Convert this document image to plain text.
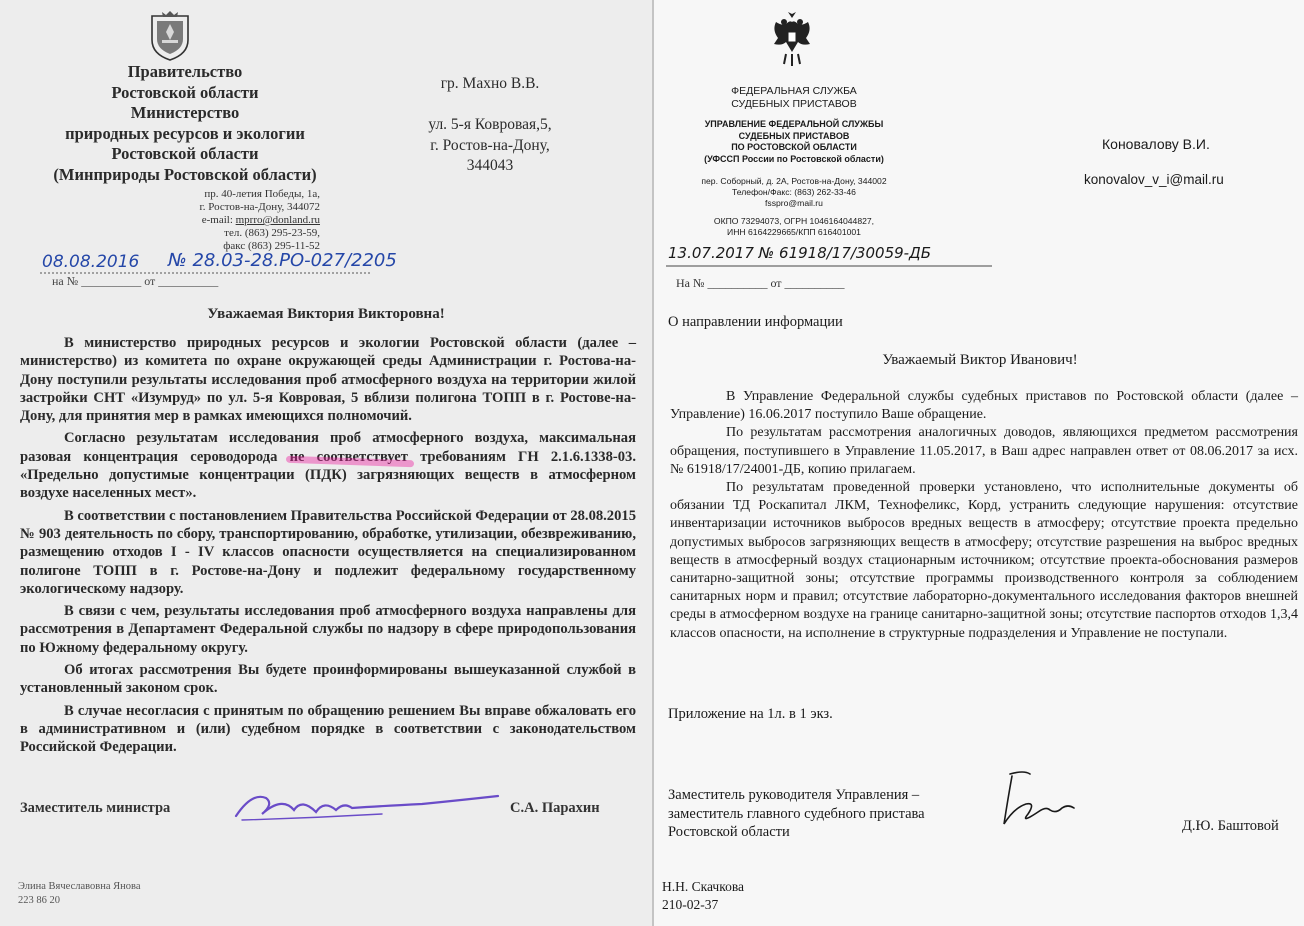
Правительство
Ростовской области
Министерство
природных ресурсов и экологии
Ростовской области
(Минприроды Ростовской области)
пр. 40-летия Победы, 1а,
г. Ростов-на-Дону, 344072
e-mail: mprro@donland.ru
тел. (863) 295-23-59,
факс (863) 295-11-52
гр. Махно В.В.

ул. 5-я Ковровая,5,
г. Ростов-на-Дону,
344043
08.08.2016 № 28.03-28.РО-027/2205
на № __________ от __________
Уважаемая Виктория Викторовна!

В министерство природных ресурсов и экологии Ростовской области (далее – министерство) из комитета по охране окружающей среды Администрации г. Ростова-на-Дону поступили результаты исследования проб атмосферного воздуха на территории жилой застройки СНТ «Изумруд» по ул. 5-я Ковровая, 5 вблизи полигона ТОПП в г. Ростове-на-Дону, для принятия мер в рамках имеющихся полномочий.

Согласно результатам исследования проб атмосферного воздуха, максимальная разовая концентрация сероводорода не соответствует требованиям ГН 2.1.6.1338-03. «Предельно допустимые концентрации (ПДК) загрязняющих веществ в атмосферном воздухе населенных мест».

В соответствии с постановлением Правительства Российской Федерации от 28.08.2015 № 903 деятельность по сбору, транспортированию, обработке, утилизации, обезвреживанию, размещению отходов I - IV классов опасности осуществляется на специализированном полигоне ТОПП в г. Ростове-на-Дону и подлежит федеральному государственному экологическому надзору.

В связи с чем, результаты исследования проб атмосферного воздуха направлены для рассмотрения в Департамент Федеральной службы по надзору в сфере природопользования по Южному федеральному округу.

Об итогах рассмотрения Вы будете проинформированы вышеуказанной службой в установленный законом срок.

В случае несогласия с принятым по обращению решением Вы вправе обжаловать его в административном и (или) судебном порядке в соответствии с законодательством Российской Федерации.

Заместитель министра	С.А. Парахин
Элина Вячеславовна Янова
223 86 20
ФЕДЕРАЛЬНАЯ СЛУЖБА
СУДЕБНЫХ ПРИСТАВОВ
УПРАВЛЕНИЕ ФЕДЕРАЛЬНОЙ СЛУЖБЫ
СУДЕБНЫХ ПРИСТАВОВ
ПО РОСТОВСКОЙ ОБЛАСТИ
(УФССП России по Ростовской области)
пер. Соборный, д. 2А, Ростов-на-Дону, 344002
Телефон/Факс: (863) 262-33-46
fsspro@mail.ru
ОКПО 73294073, ОГРН 1046164044827,
ИНН 6164229665/КПП 616401001
Коновалову В.И.
konovalov_v_i@mail.ru
13.07.2017 № 61918/17/30059-ДБ
На № __________ от __________
О направлении информации
Уважаемый Виктор Иванович!

В Управление Федеральной службы судебных приставов по Ростовской области (далее – Управление) 16.06.2017 поступило Ваше обращение.

По результатам рассмотрения аналогичных доводов, являющихся предметом рассмотрения обращения, поступившего в Управление 11.05.2017, в Ваш адрес направлен ответ от 08.06.2017 за исх. № 61918/17/24001-ДБ, копию прилагаем.

По результатам проведенной проверки установлено, что исполнительные документы об обязании ТД Роскапитал ЛКМ, Технофеликс, Корд, устранить следующие нарушения: отсутствие инвентаризации источников выбросов вредных веществ в атмосферу; отсутствие проекта предельно допустимых выбросов загрязняющих веществ в атмосферу; отсутствие разрешения на выброс вредных веществ в атмосферный воздух стационарным источником; отсутствие проекта-обоснования размеров санитарно-защитной зоны; отсутствие программы производственного контроля за соблюдением санитарных норм и правил; отсутствие лабораторно-документального исследования факторов внешней среды в атмосферном воздухе на границе санитарно-защитной зоны; отсутствие паспортов отходов 1,3,4 классов опасности, на исполнение в структурные подразделения и Управление не поступали.

Приложение на 1л. в 1 экз.
Заместитель руководителя Управления –
заместитель главного судебного пристава
Ростовской области	Д.Ю. Баштовой
Н.Н. Скачкова
210-02-37
